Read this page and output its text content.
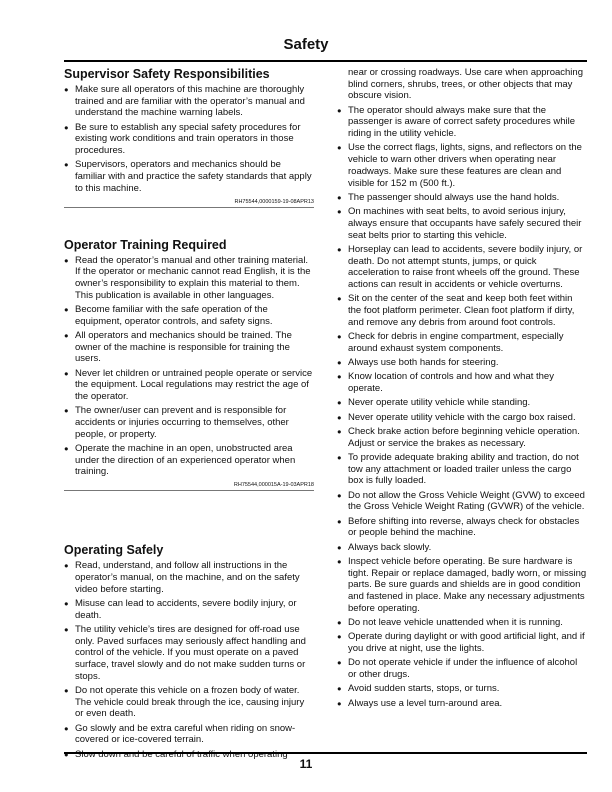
Safety
Supervisor Safety Responsibilities
● Make sure all operators of this machine are thoroughly trained and are familiar with the operator’s manual and understand the machine warning labels.
● Be sure to establish any special safety procedures for existing work conditions and train operators in those procedures.
● Supervisors, operators and mechanics should be familiar with and practice the safety standards that apply to this machine.
RH75544,0000159-19-08APR13
Operator Training Required
● Read the operator’s manual and other training material. If the operator or mechanic cannot read English, it is the owner’s responsibility to explain this material to them. This publication is available in other languages.
● Become familiar with the safe operation of the equipment, operator controls, and safety signs.
● All operators and mechanics should be trained. The owner of the machine is responsible for training the users.
● Never let children or untrained people operate or service the equipment. Local regulations may restrict the age of the operator.
● The owner/user can prevent and is responsible for accidents or injuries occurring to themselves, other people, or property.
● Operate the machine in an open, unobstructed area under the direction of an experienced operator when training.
RH75544,000015A-19-03APR18
Operating Safely
● Read, understand, and follow all instructions in the operator’s manual, on the machine, and on the safety video before starting.
● Misuse can lead to accidents, severe bodily injury, or death.
● The utility vehicle’s tires are designed for off-road use only. Paved surfaces may seriously affect handling and control of the vehicle. If you must operate on a paved surface, travel slowly and do not make sudden turns or stops.
● Do not operate this vehicle on a frozen body of water. The vehicle could break through the ice, causing injury or even death.
● Go slowly and be extra careful when riding on snow-covered or ice-covered terrain.
● Slow down and be careful of traffic when operating
near or crossing roadways. Use care when approaching blind corners, shrubs, trees, or other objects that may obscure vision.
● The operator should always make sure that the passenger is aware of correct safety procedures while riding in the utility vehicle.
● Use the correct flags, lights, signs, and reflectors on the vehicle to warn other drivers when operating near roadways. Make sure these features are clean and visible for 152 m (500 ft.).
● The passenger should always use the hand holds.
● On machines with seat belts, to avoid serious injury, always ensure that occupants have safely secured their seat belts prior to starting this vehicle.
● Horseplay can lead to accidents, severe bodily injury, or death. Do not attempt stunts, jumps, or quick acceleration to raise front wheels off the ground. These actions can result in accidents or vehicle overturns.
● Sit on the center of the seat and keep both feet within the foot platform perimeter. Clean foot platform if dirty, and remove any debris from around foot controls.
● Check for debris in engine compartment, especially around exhaust system components.
● Always use both hands for steering.
● Know location of controls and how and what they operate.
● Never operate utility vehicle while standing.
● Never operate utility vehicle with the cargo box raised.
● Check brake action before beginning vehicle operation. Adjust or service the brakes as necessary.
● To provide adequate braking ability and traction, do not tow any attachment or loaded trailer unless the cargo box is fully loaded.
● Do not allow the Gross Vehicle Weight (GVW) to exceed the Gross Vehicle Weight Rating (GVWR) of the vehicle.
● Before shifting into reverse, always check for obstacles or people behind the machine.
● Always back slowly.
● Inspect vehicle before operating. Be sure hardware is tight. Repair or replace damaged, badly worn, or missing parts. Be sure guards and shields are in good condition and fastened in place. Make any necessary adjustments before operating.
● Do not leave vehicle unattended when it is running.
● Operate during daylight or with good artificial light, and if you drive at night, use the lights.
● Do not operate vehicle if under the influence of alcohol or other drugs.
● Avoid sudden starts, stops, or turns.
● Always use a level turn-around area.
11
